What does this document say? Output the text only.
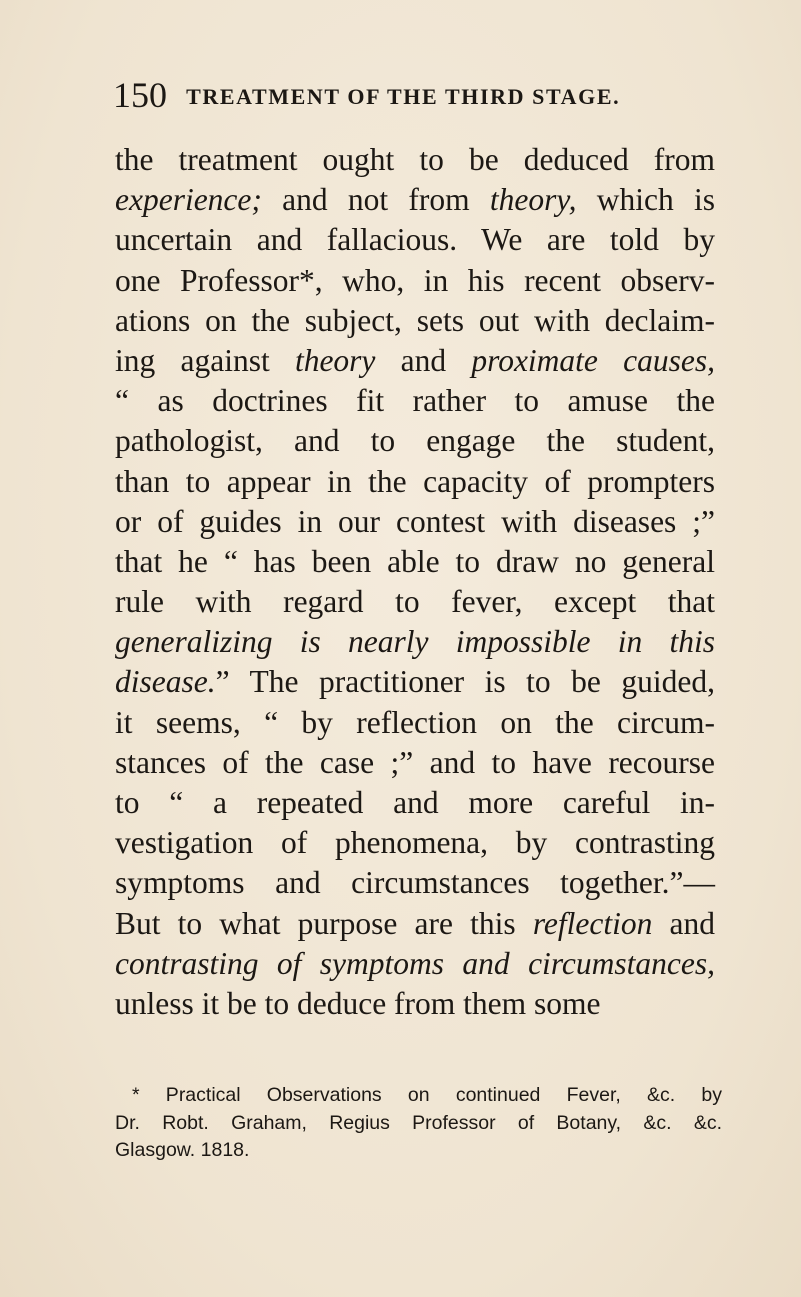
150 TREATMENT OF THE THIRD STAGE.
the treatment ought to be deduced from
experience; and not from theory, which is
uncertain and fallacious. We are told by
one Professor*, who, in his recent observ-
ations on the subject, sets out with declaim-
ing against theory and proximate causes,
“ as doctrines fit rather to amuse the
pathologist, and to engage the student,
than to appear in the capacity of prompters
or of guides in our contest with diseases ;”
that he “ has been able to draw no general
rule with regard to fever, except that
generalizing is nearly impossible in this
disease.” The practitioner is to be guided,
it seems, “ by reflection on the circum-
stances of the case ;” and to have recourse
to “ a repeated and more careful in-
vestigation of phenomena, by contrasting
symptoms and circumstances together.”—
But to what purpose are this reflection and
contrasting of symptoms and circumstances,
unless it be to deduce from them some
* Practical Observations on continued Fever, &c. by
Dr. Robt. Graham, Regius Professor of Botany, &c. &c.
Glasgow. 1818.
